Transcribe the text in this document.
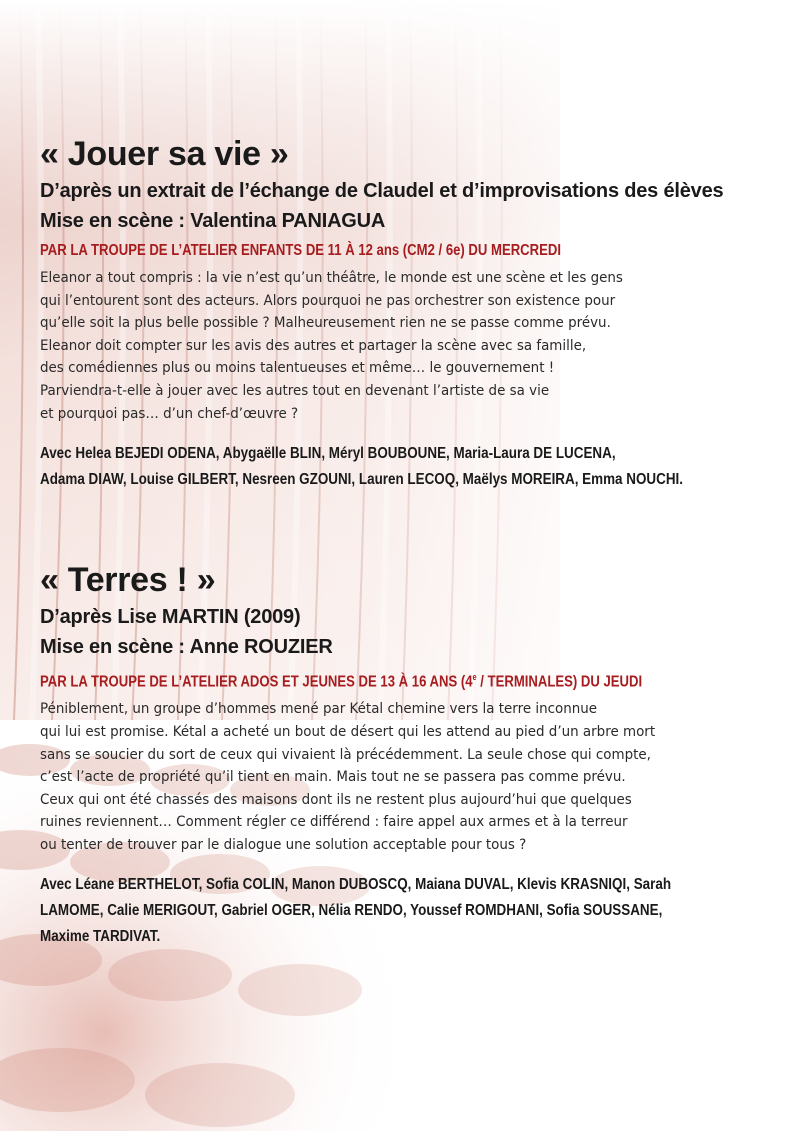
« Jouer sa vie »

D’après un extrait de l’échange de Claudel et d’improvisations des élèves

Mise en scène : Valentina PANIAGUA

PAR LA TROUPE DE L’ATELIER ENFANTS DE 11 À 12 ans (CM2 / 6e) DU MERCREDI

Eleanor a tout compris : la vie n’est qu’un théâtre, le monde est une scène et les gens
qui l’entourent sont des acteurs. Alors pourquoi ne pas orchestrer son existence pour
qu’elle soit la plus belle possible ? Malheureusement rien ne se passe comme prévu.
Eleanor doit compter sur les avis des autres et partager la scène avec sa famille,
des comédiennes plus ou moins talentueuses et même… le gouvernement !
Parviendra-t-elle à jouer avec les autres tout en devenant l’artiste de sa vie
et pourquoi pas… d’un chef-d’œuvre ?
Avec Helea BEJEDI ODENA, Abygaëlle BLIN, Méryl BOUBOUNE, Maria-Laura DE LUCENA,
Adama DIAW, Louise GILBERT, Nesreen GZOUNI, Lauren LECOQ, Maëlys MOREIRA, Emma NOUCHI.
« Terres ! »

D’après Lise MARTIN (2009)

Mise en scène : Anne ROUZIER

PAR LA TROUPE DE L’ATELIER ADOS ET JEUNES DE 13 À 16 ANS (4e / TERMINALES) DU JEUDI

Péniblement, un groupe d’hommes mené par Kétal chemine vers la terre inconnue
qui lui est promise. Kétal a acheté un bout de désert qui les attend au pied d’un arbre mort
sans se soucier du sort de ceux qui vivaient là précédemment. La seule chose qui compte,
c’est l’acte de propriété qu’il tient en main. Mais tout ne se passera pas comme prévu.
Ceux qui ont été chassés des maisons dont ils ne restent plus aujourd’hui que quelques
ruines reviennent… Comment régler ce différend : faire appel aux armes et à la terreur
ou tenter de trouver par le dialogue une solution acceptable pour tous ?
Avec Léane BERTHELOT, Sofia COLIN, Manon DUBOSCQ, Maiana DUVAL, Klevis KRASNIQI, Sarah
LAMOME, Calie MERIGOUT, Gabriel OGER, Nélia RENDO, Youssef ROMDHANI, Sofia SOUSSANE,
Maxime TARDIVAT.
